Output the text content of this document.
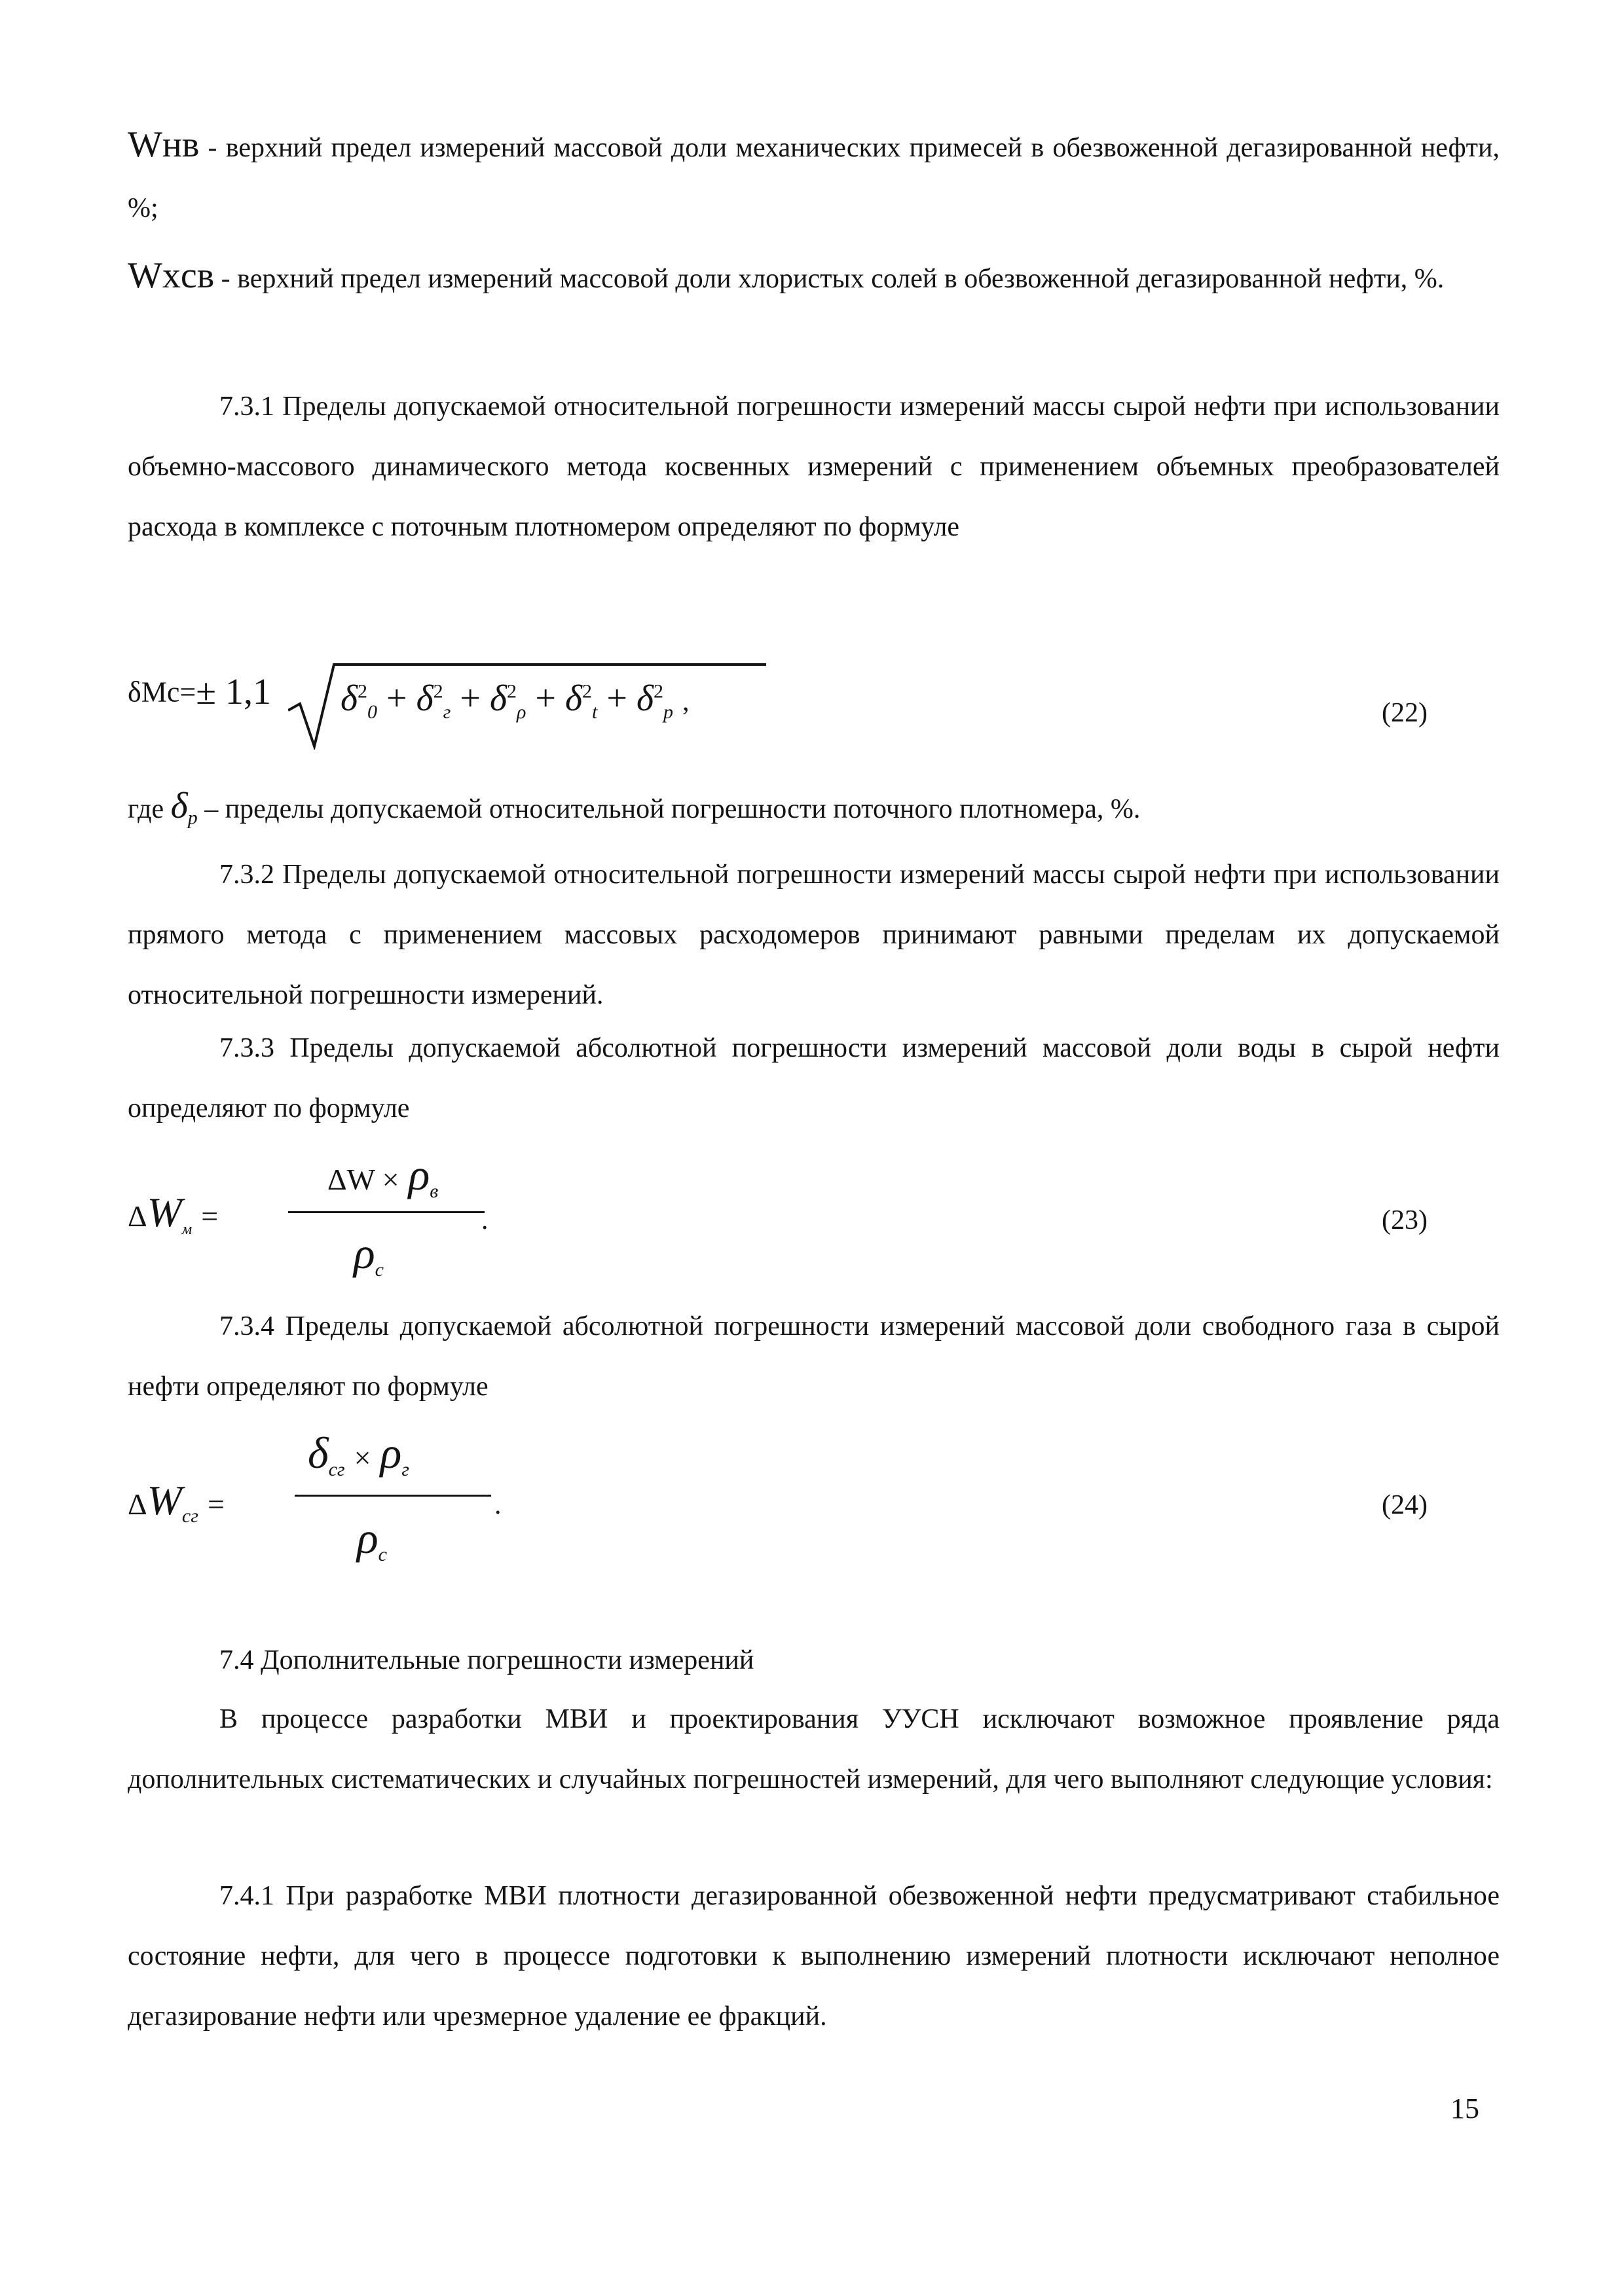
Wнв - верхний предел измерений массовой доли механических примесей в обезвоженной дегазированной нефти, %;

Wxсв - верхний предел измерений массовой доли хлористых солей в обезвоженной дегазированной нефти, %.

7.3.1 Пределы допускаемой относительной погрешности измерений массы сырой нефти при использовании объемно-массового динамического метода косвенных измерений с применением объемных преобразователей расхода в комплексе с поточным плотномером определяют по формуле

δМс=± 1,1 $\delta^2_0 + \delta^2_г + \delta^2_\rho + \delta^2_t + \delta^2_р$ ,	(22)

где $\delta_р$ – пределы допускаемой относительной погрешности поточного плотномера, %.

7.3.2 Пределы допускаемой относительной погрешности измерений массы сырой нефти при использовании прямого метода с применением массовых расходомеров принимают равными пределам их допускаемой относительной погрешности измерений.

7.3.3 Пределы допускаемой абсолютной погрешности измерений массовой доли воды в сырой нефти определяют по формуле

$\Delta W_м$ =
$\Delta W \times \rho_в$
$\rho_с$
.	(23)

7.3.4 Пределы допускаемой абсолютной погрешности измерений массовой доли свободного газа в сырой нефти определяют по формуле

$\Delta W_{сг}$ =
$\delta_{сг} \times \rho_г$
$\rho_с$
.	(24)

7.4 Дополнительные погрешности измерений

В процессе разработки МВИ и проектирования УУСН исключают возможное проявление ряда дополнительных систематических и случайных погрешностей измерений, для чего выполняют следующие условия:

7.4.1 При разработке МВИ плотности дегазированной обезвоженной нефти предусматривают стабильное состояние нефти, для чего в процессе подготовки к выполнению измерений плотности исключают неполное дегазирование нефти или чрезмерное удаление ее фракций.

15
